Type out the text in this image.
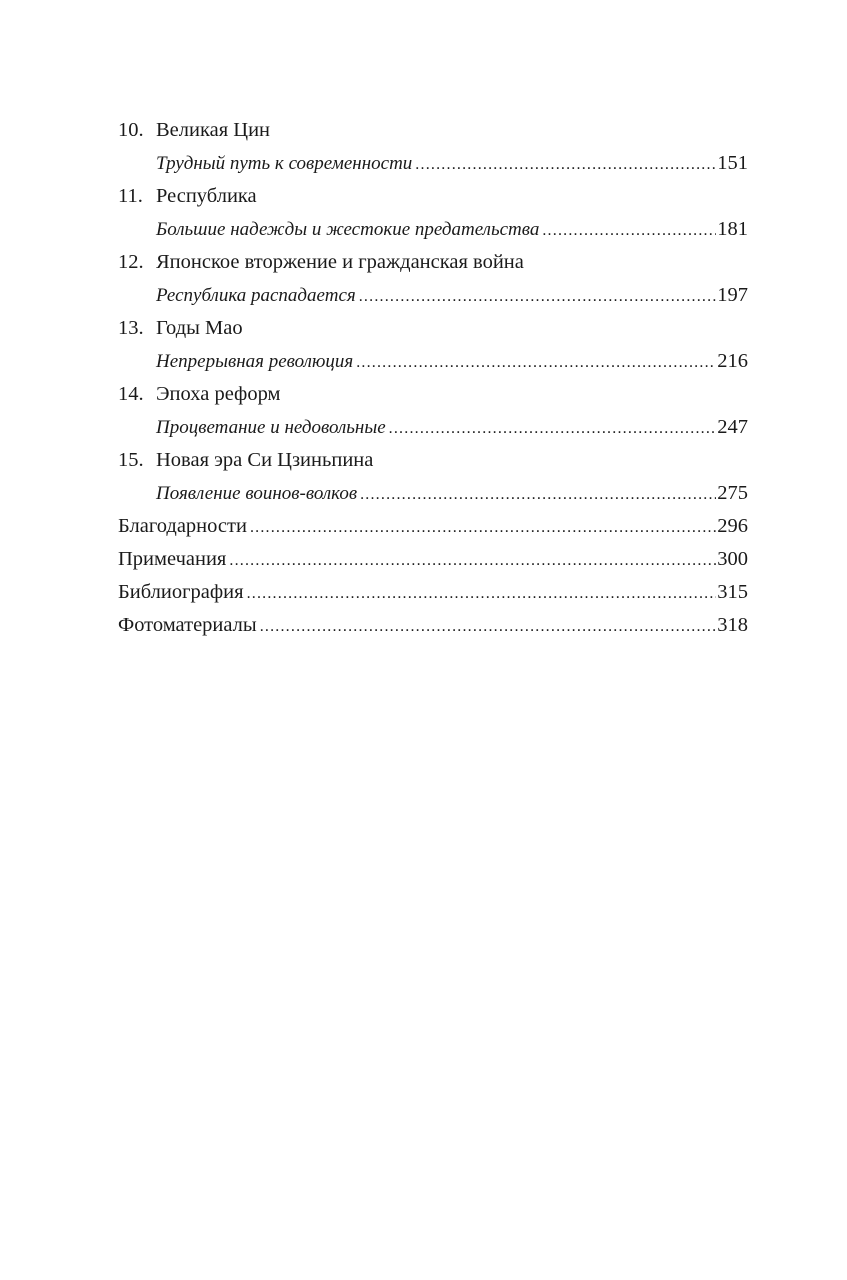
10. Великая Цин
Трудный путь к современности .....	151
11. Республика
Большие надежды и жестокие предательства .....	181
12. Японское вторжение и гражданская война
Республика распадается .....	197
13. Годы Мао
Непрерывная революция .....	216
14. Эпоха реформ
Процветание и недовольные .....	247
15. Новая эра Си Цзиньпина
Появление воинов-волков .....	275
Благодарности .....	296
Примечания .....	300
Библиография .....	315
Фотоматериалы .....	318
